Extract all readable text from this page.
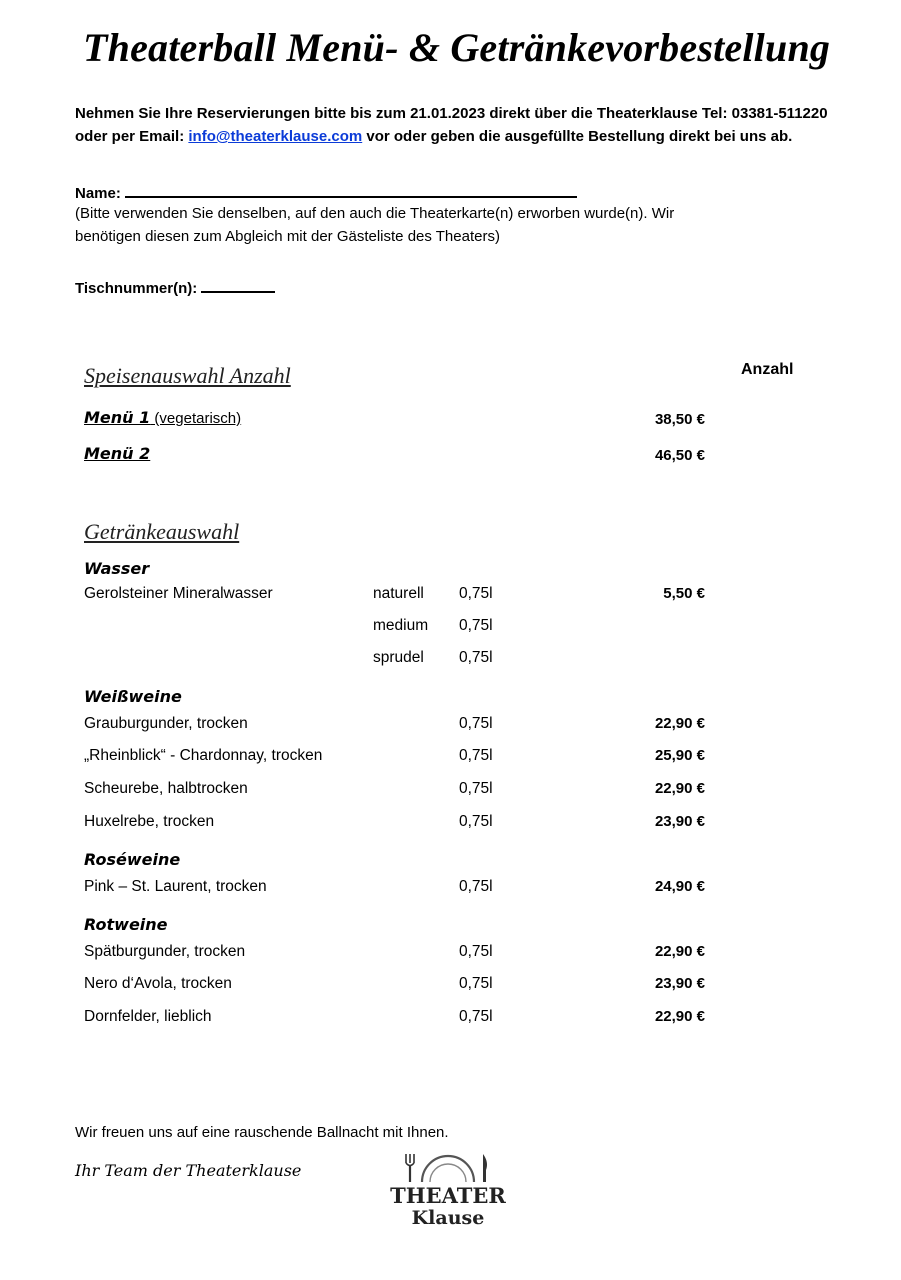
Theaterball Menü- & Getränkevorbestellung
Nehmen Sie Ihre Reservierungen bitte bis zum 21.01.2023 direkt über die Theaterklause Tel: 03381-511220
oder per Email: info@theaterklause.com vor oder geben die ausgefüllte Bestellung direkt bei uns ab.
Name:
(Bitte verwenden Sie denselben, auf den auch die Theaterkarte(n) erworben wurde(n). Wir
benötigen diesen zum Abgleich mit der Gästeliste des Theaters)
Tischnummer(n):
Speisenauswahl Anzahl	Anzahl
Menü 1 (vegetarisch)	38,50 €
Menü 2	46,50 €
Getränkeauswahl
Wasser
Gerolsteiner Mineralwasser	naturell 0,75l	5,50 €
medium 0,75l
sprudel 0,75l
Weißweine
Grauburgunder, trocken	0,75l	22,90 €
„Rheinblick“ - Chardonnay, trocken	0,75l	25,90 €
Scheurebe, halbtrocken	0,75l	22,90 €
Huxelrebe, trocken	0,75l	23,90 €
Roséweine
Pink – St. Laurent, trocken	0,75l	24,90 €
Rotweine
Spätburgunder, trocken	0,75l	22,90 €
Nero d‘Avola, trocken	0,75l	23,90 €
Dornfelder, lieblich	0,75l	22,90 €
Wir freuen uns auf eine rauschende Ballnacht mit Ihnen.
Ihr Team der Theaterklause
THEATER
Klause
